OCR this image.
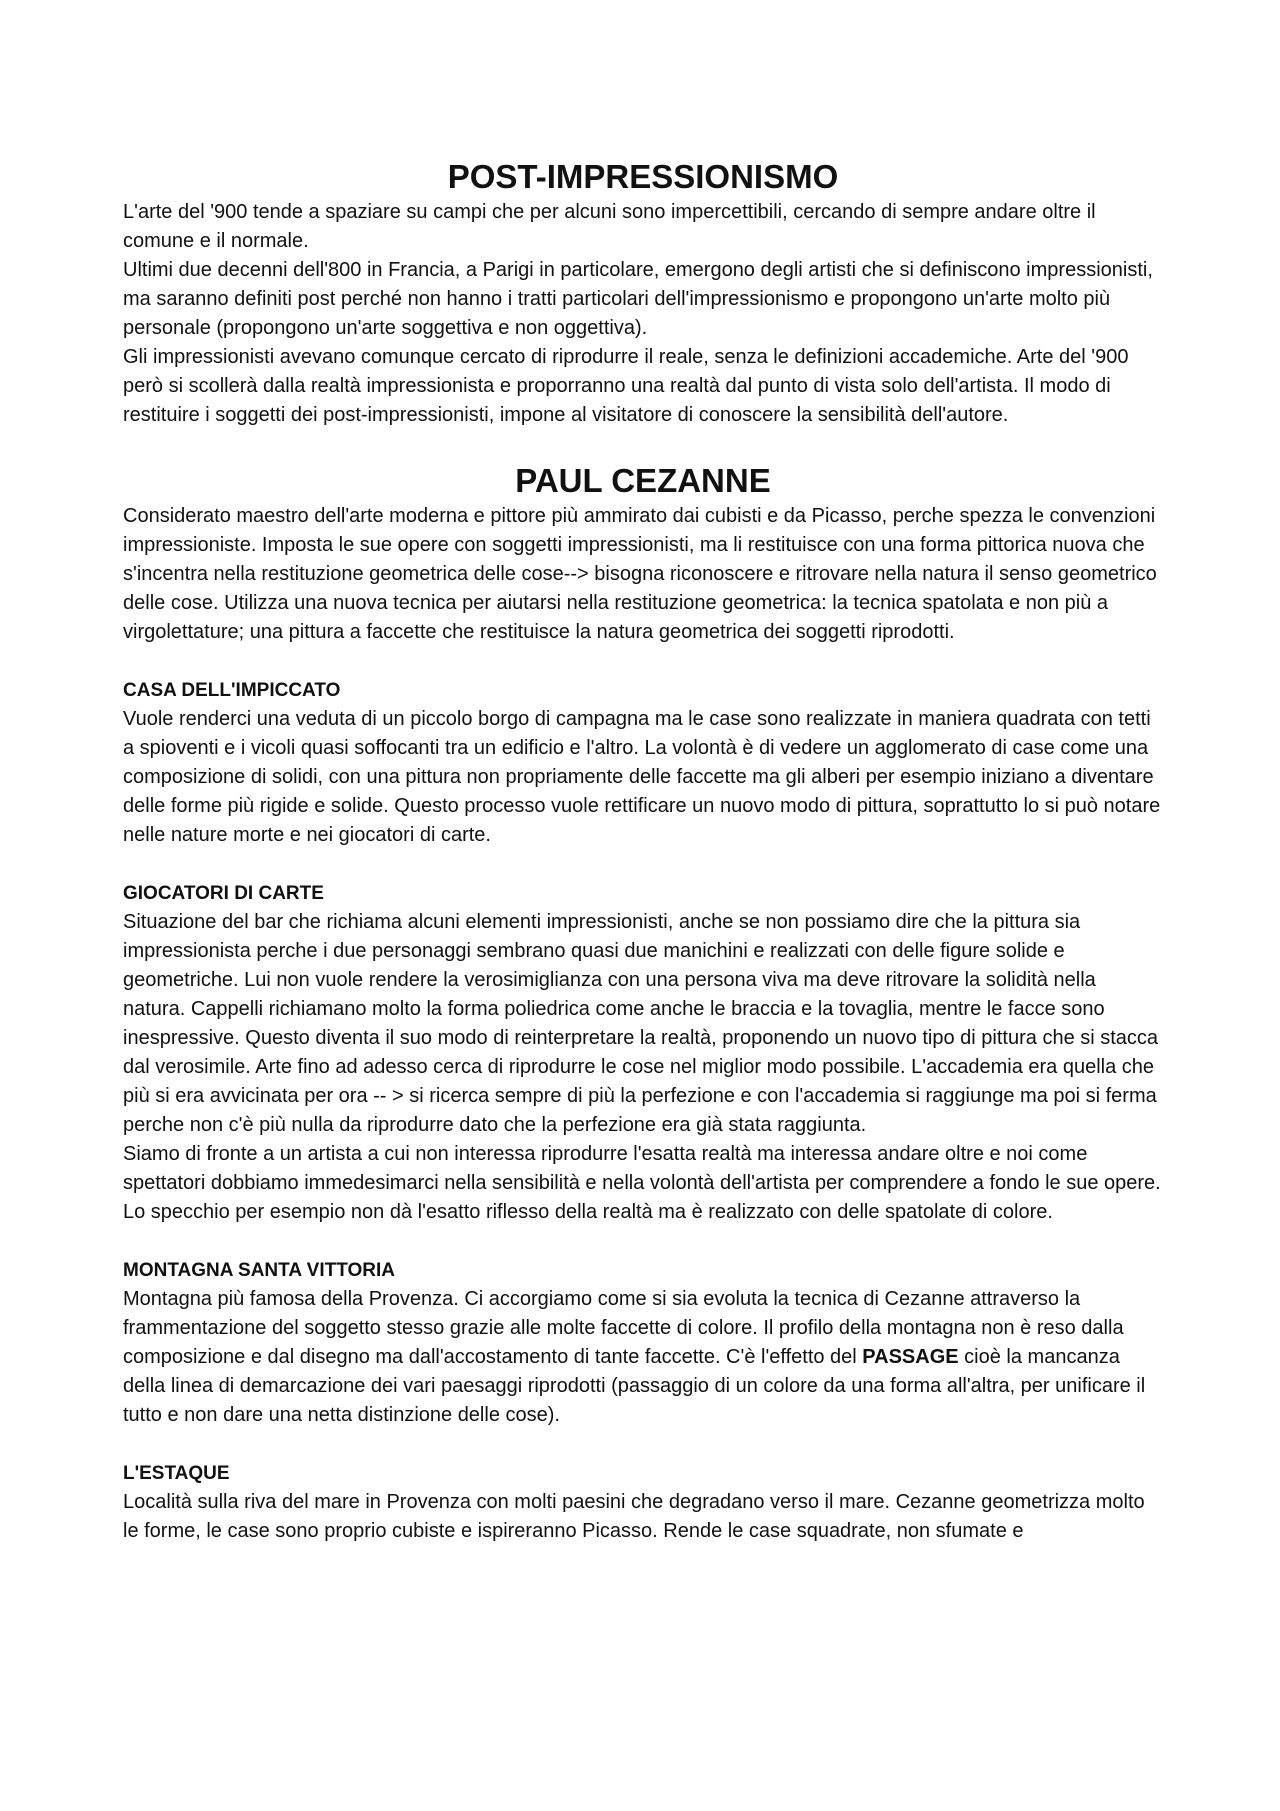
POST-IMPRESSIONISMO

L'arte del '900 tende a spaziare su campi che per alcuni sono impercettibili, cercando di sempre andare oltre il comune e il normale.

Ultimi due decenni dell'800 in Francia, a Parigi in particolare, emergono degli artisti che si definiscono impressionisti, ma saranno definiti post perché non hanno i tratti particolari dell'impressionismo e propongono un'arte molto più personale (propongono un'arte soggettiva e non oggettiva).

Gli impressionisti avevano comunque cercato di riprodurre il reale, senza le definizioni accademiche. Arte del '900 però si scollerà dalla realtà impressionista e proporranno una realtà dal punto di vista solo dell'artista. Il modo di restituire i soggetti dei post-impressionisti, impone al visitatore di conoscere la sensibilità dell'autore.

PAUL CEZANNE

Considerato maestro dell'arte moderna e pittore più ammirato dai cubisti e da Picasso, perche spezza le convenzioni impressioniste. Imposta le sue opere con soggetti impressionisti, ma li restituisce con una forma pittorica nuova che s'incentra nella restituzione geometrica delle cose--> bisogna riconoscere e ritrovare nella natura il senso geometrico delle cose. Utilizza una nuova tecnica per aiutarsi nella restituzione geometrica: la tecnica spatolata e non più a virgolettature; una pittura a faccette che restituisce la natura geometrica dei soggetti riprodotti.

CASA DELL'IMPICCATO

Vuole renderci una veduta di un piccolo borgo di campagna ma le case sono realizzate in maniera quadrata con tetti a spioventi e i vicoli quasi soffocanti tra un edificio e l'altro. La volontà è di vedere un agglomerato di case come una composizione di solidi, con una pittura non propriamente delle faccette ma gli alberi per esempio iniziano a diventare delle forme più rigide e solide. Questo processo vuole rettificare un nuovo modo di pittura, soprattutto lo si può notare nelle nature morte e nei giocatori di carte.

GIOCATORI DI CARTE

Situazione del bar che richiama alcuni elementi impressionisti, anche se non possiamo dire che la pittura sia impressionista perche i due personaggi sembrano quasi due manichini e realizzati con delle figure solide e geometriche. Lui non vuole rendere la verosimiglianza con una persona viva ma deve ritrovare la solidità nella natura. Cappelli richiamano molto la forma poliedrica come anche le braccia e la tovaglia, mentre le facce sono inespressive. Questo diventa il suo modo di reinterpretare la realtà, proponendo un nuovo tipo di pittura che si stacca dal verosimile. Arte fino ad adesso cerca di riprodurre le cose nel miglior modo possibile. L'accademia era quella che più si era avvicinata per ora -- > si ricerca sempre di più la perfezione e con l'accademia si raggiunge ma poi si ferma perche non c'è più nulla da riprodurre dato che la perfezione era già stata raggiunta.

Siamo di fronte a un artista a cui non interessa riprodurre l'esatta realtà ma interessa andare oltre e noi come spettatori dobbiamo immedesimarci nella sensibilità e nella volontà dell'artista per comprendere a fondo le sue opere. Lo specchio per esempio non dà l'esatto riflesso della realtà ma è realizzato con delle spatolate di colore.

MONTAGNA SANTA VITTORIA

Montagna più famosa della Provenza. Ci accorgiamo come si sia evoluta la tecnica di Cezanne attraverso la frammentazione del soggetto stesso grazie alle molte faccette di colore. Il profilo della montagna non è reso dalla composizione e dal disegno ma dall'accostamento di tante faccette. C'è l'effetto del PASSAGE cioè la mancanza della linea di demarcazione dei vari paesaggi riprodotti (passaggio di un colore da una forma all'altra, per unificare il tutto e non dare una netta distinzione delle cose).

L'ESTAQUE

Località sulla riva del mare in Provenza con molti paesini che degradano verso il mare. Cezanne geometrizza molto le forme, le case sono proprio cubiste e ispireranno Picasso. Rende le case squadrate, non sfumate e
